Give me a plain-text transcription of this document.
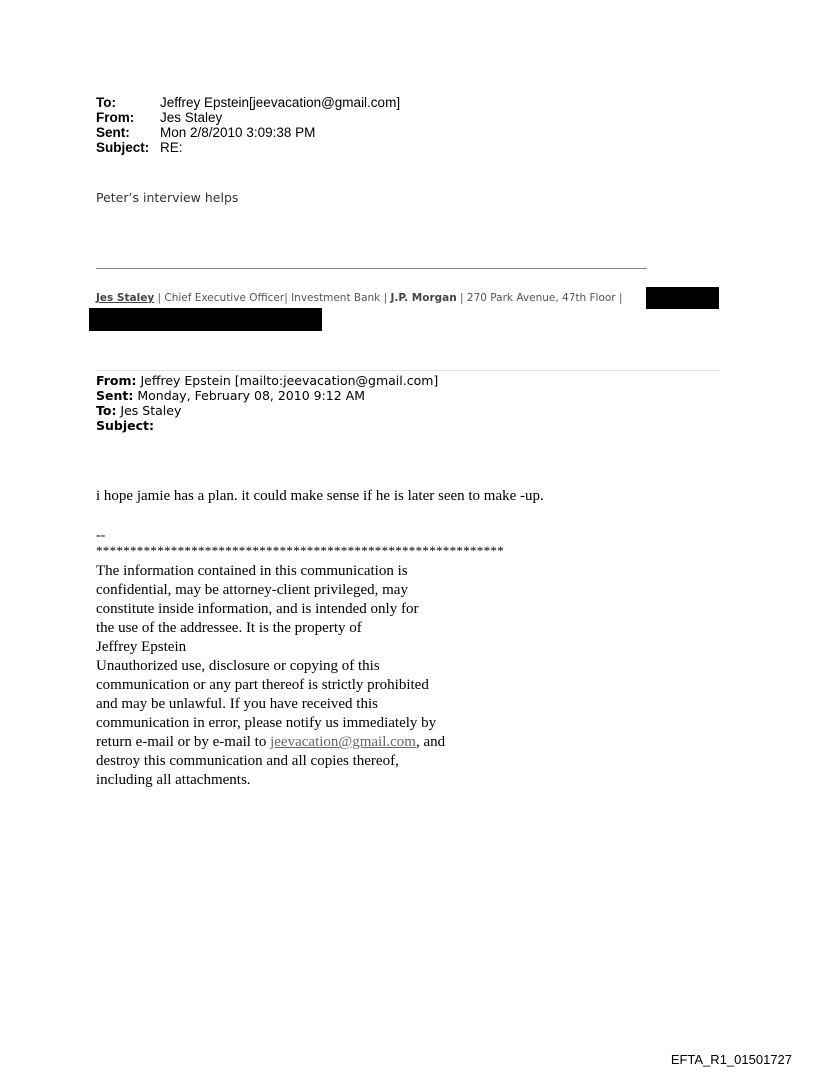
To:	Jeffrey Epstein[jeevacation@gmail.com]
From:	Jes Staley
Sent:	Mon 2/8/2010 3:09:38 PM
Subject: RE:
Peter’s interview helps
Jes Staley | Chief Executive Officer| Investment Bank | J.P. Morgan | 270 Park Avenue, 47th Floor |
From: Jeffrey Epstein [mailto:jeevacation@gmail.com]
Sent: Monday, February 08, 2010 9:12 AM
To: Jes Staley
Subject:
i hope jamie has a plan. it could make sense if he is later seen to make -up.
--
************************************************************
The information contained in this communication is
confidential, may be attorney-client privileged, may
constitute inside information, and is intended only for
the use of the addressee. It is the property of
Jeffrey Epstein
Unauthorized use, disclosure or copying of this
communication or any part thereof is strictly prohibited
and may be unlawful. If you have received this
communication in error, please notify us immediately by
return e-mail or by e-mail to jeevacation@gmail.com, and
destroy this communication and all copies thereof,
including all attachments.
EFTA_R1_01501727
